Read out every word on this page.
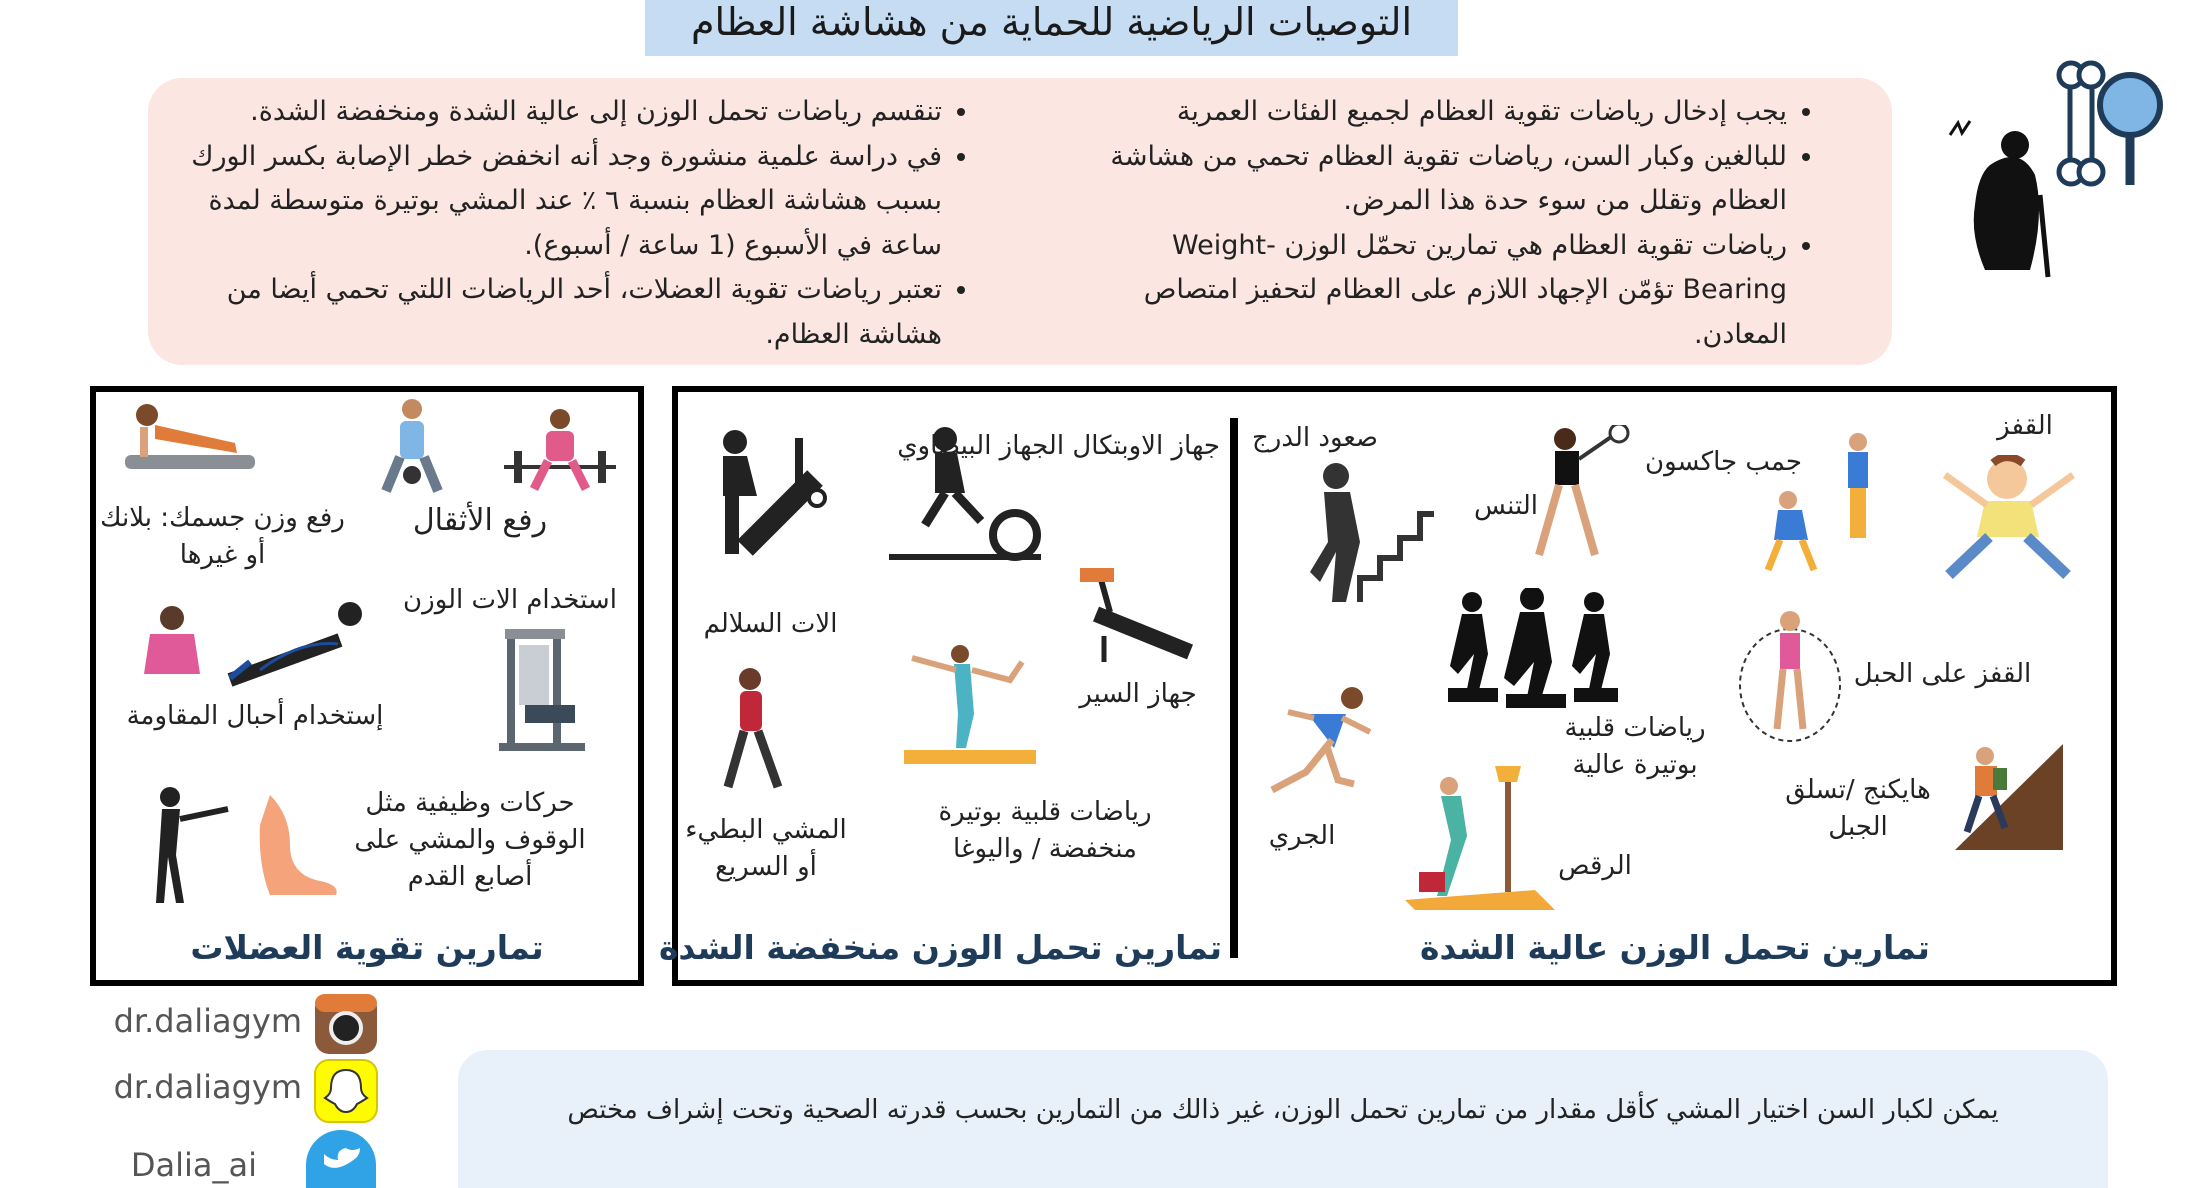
التوصيات الرياضية للحماية من هشاشة العظام
• يجب إدخال رياضات تقوية العظام لجميع الفئات العمرية
• للبالغين وكبار السن، رياضات تقوية العظام تحمي من هشاشة العظام وتقلل من سوء حدة هذا المرض.
• رياضات تقوية العظام هي تمارين تحمّل الوزن -Weight Bearing تؤمّن الإجهاد اللازم على العظام لتحفيز امتصاص المعادن.
• تنقسم رياضات تحمل الوزن إلى عالية الشدة ومنخفضة الشدة.
• في دراسة علمية منشورة وجد أنه انخفض خطر الإصابة بكسر الورك بسبب هشاشة العظام بنسبة ٦ ٪ عند المشي بوتيرة متوسطة لمدة ساعة في الأسبوع (1 ساعة / أسبوع).
• تعتبر رياضات تقوية العضلات، أحد الرياضات اللتي تحمي أيضا من هشاشة العظام.
رفع الأثقال
رفع وزن جسمك: بلانك أو غيرها
استخدام الات الوزن
إستخدام أحبال المقاومة
حركات وظيفية مثل الوقوف والمشي على أصابع القدم
تمارين تقوية العضلات
جهاز الاوبتكال الجهاز البيضاوي
الات السلالم
جهاز السير
رياضات قلبية بوتيرة منخفضة / واليوغا
المشي البطيء أو السريع
تمارين تحمل الوزن منخفضة الشدة
صعود الدرج
التنس
جمب جاكسون
القفز
رياضات قلبية بوتيرة عالية
القفز على الحبل
هايكنج /تسلق الجبل
الجري
الرقص
تمارين تحمل الوزن عالية الشدة
يمكن لكبار السن اختيار المشي كأقل مقدار من تمارين تحمل الوزن، غير ذالك من التمارين بحسب قدرته الصحية وتحت إشراف مختص
dr.daliagym
dr.daliagym
Dalia_ai
